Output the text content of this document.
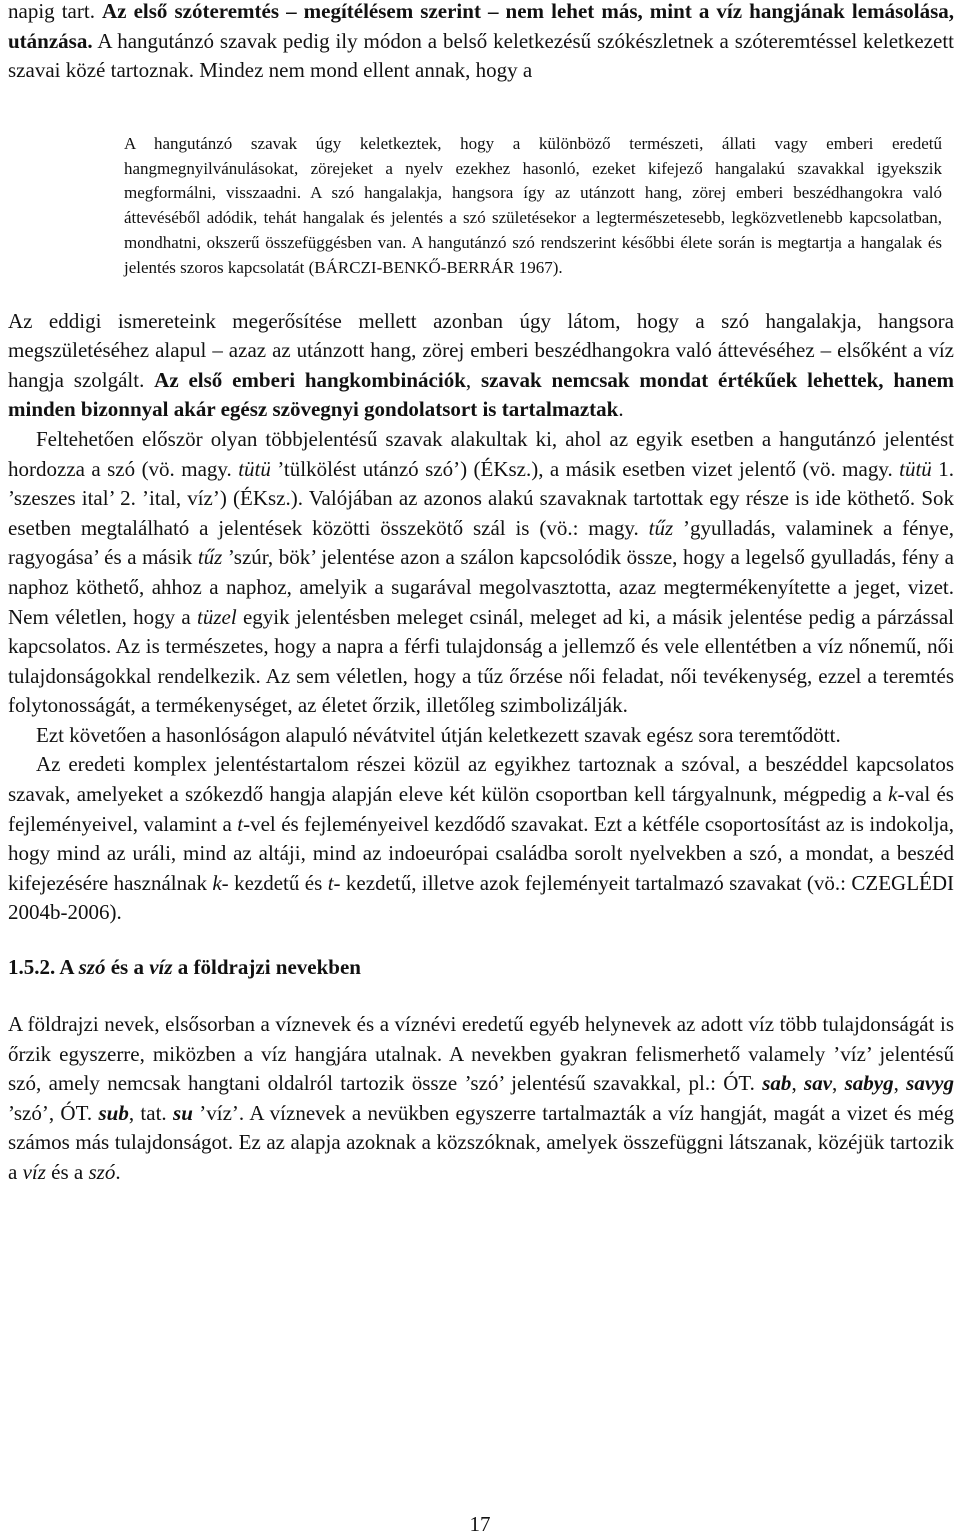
napig tart. Az első szóteremtés – megítélésem szerint – nem lehet más, mint a víz hangjának lemásolása, utánzása. A hangutánzó szavak pedig ily módon a belső keletkezésű szókészletnek a szóteremtéssel keletkezett szavai közé tartoznak. Mindez nem mond ellent annak, hogy a

A hangutánzó szavak úgy keletkeztek, hogy a különböző természeti, állati vagy emberi eredetű hangmegnyilvánulásokat, zörejeket a nyelv ezekhez hasonló, ezeket kifejező hangalakú szavakkal igyekszik megformálni, visszaadni. A szó hangalakja, hangsora így az utánzott hang, zörej emberi beszédhangokra való áttevéséből adódik, tehát hangalak és jelentés a szó születésekor a legtermészetesebb, legközvetlenebb kapcsolatban, mondhatni, okszerű összefüggésben van. A hangutánzó szó rendszerint későbbi élete során is megtartja a hangalak és jelentés szoros kapcsolatát (BÁRCZI-BENKŐ-BERRÁR 1967).

Az eddigi ismereteink megerősítése mellett azonban úgy látom, hogy a szó hangalakja, hangsora megszületéséhez alapul – azaz az utánzott hang, zörej emberi beszédhangokra való áttevéséhez – elsőként a víz hangja szolgált. Az első emberi hangkombinációk, szavak nemcsak mondat értékűek lehettek, hanem minden bizonnyal akár egész szövegnyi gondolatsort is tartalmaztak.

Feltehetően először olyan többjelentésű szavak alakultak ki, ahol az egyik esetben a hangutánzó jelentést hordozza a szó (vö. magy. tütü ’tülkölést utánzó szó’) (ÉKsz.), a másik esetben vizet jelentő (vö. magy. tütü 1. ’szeszes ital’ 2. ’ital, víz’) (ÉKsz.). Valójában az azonos alakú szavaknak tartottak egy része is ide köthető. Sok esetben megtalálható a jelentések közötti összekötő szál is (vö.: magy. tűz ’gyulladás, valaminek a fénye, ragyogása’ és a másik tűz ’szúr, bök’ jelentése azon a szálon kapcsolódik össze, hogy a legelső gyulladás, fény a naphoz köthető, ahhoz a naphoz, amelyik a sugarával megolvasztotta, azaz megtermékenyítette a jeget, vizet. Nem véletlen, hogy a tüzel egyik jelentésben meleget csinál, meleget ad ki, a másik jelentése pedig a párzással kapcsolatos. Az is természetes, hogy a napra a férfi tulajdonság a jellemző és vele ellentétben a víz nőnemű, női tulajdonságokkal rendelkezik. Az sem véletlen, hogy a tűz őrzése női feladat, női tevékenység, ezzel a teremtés folytonosságát, a termékenységet, az életet őrzik, illetőleg szimbolizálják.

Ezt követően a hasonlóságon alapuló névátvitel útján keletkezett szavak egész sora teremtődött.

Az eredeti komplex jelentéstartalom részei közül az egyikhez tartoznak a szóval, a beszéddel kapcsolatos szavak, amelyeket a szókezdő hangja alapján eleve két külön csoportban kell tárgyalnunk, mégpedig a k-val és fejleményeivel, valamint a t-vel és fejleményeivel kezdődő szavakat. Ezt a kétféle csoportosítást az is indokolja, hogy mind az uráli, mind az altáji, mind az indoeurópai családba sorolt nyelvekben a szó, a mondat, a beszéd kifejezésére használnak k- kezdetű és t- kezdetű, illetve azok fejleményeit tartalmazó szavakat (vö.: CZEGLÉDI 2004b-2006).

1.5.2. A szó és a víz a földrajzi nevekben

A földrajzi nevek, elsősorban a víznevek és a víznévi eredetű egyéb helynevek az adott víz több tulajdonságát is őrzik egyszerre, miközben a víz hangjára utalnak. A nevekben gyakran felismerhető valamely ’víz’ jelentésű szó, amely nemcsak hangtani oldalról tartozik össze ’szó’ jelentésű szavakkal, pl.: ÓT. sab, sav, sabyg, savyg ’szó’, ÓT. sub, tat. su ’víz’. A víznevek a nevükben egyszerre tartalmazták a víz hangját, magát a vizet és még számos más tulajdonságot. Ez az alapja azoknak a közszóknak, amelyek összefüggni látszanak, közéjük tartozik a víz és a szó.

17
